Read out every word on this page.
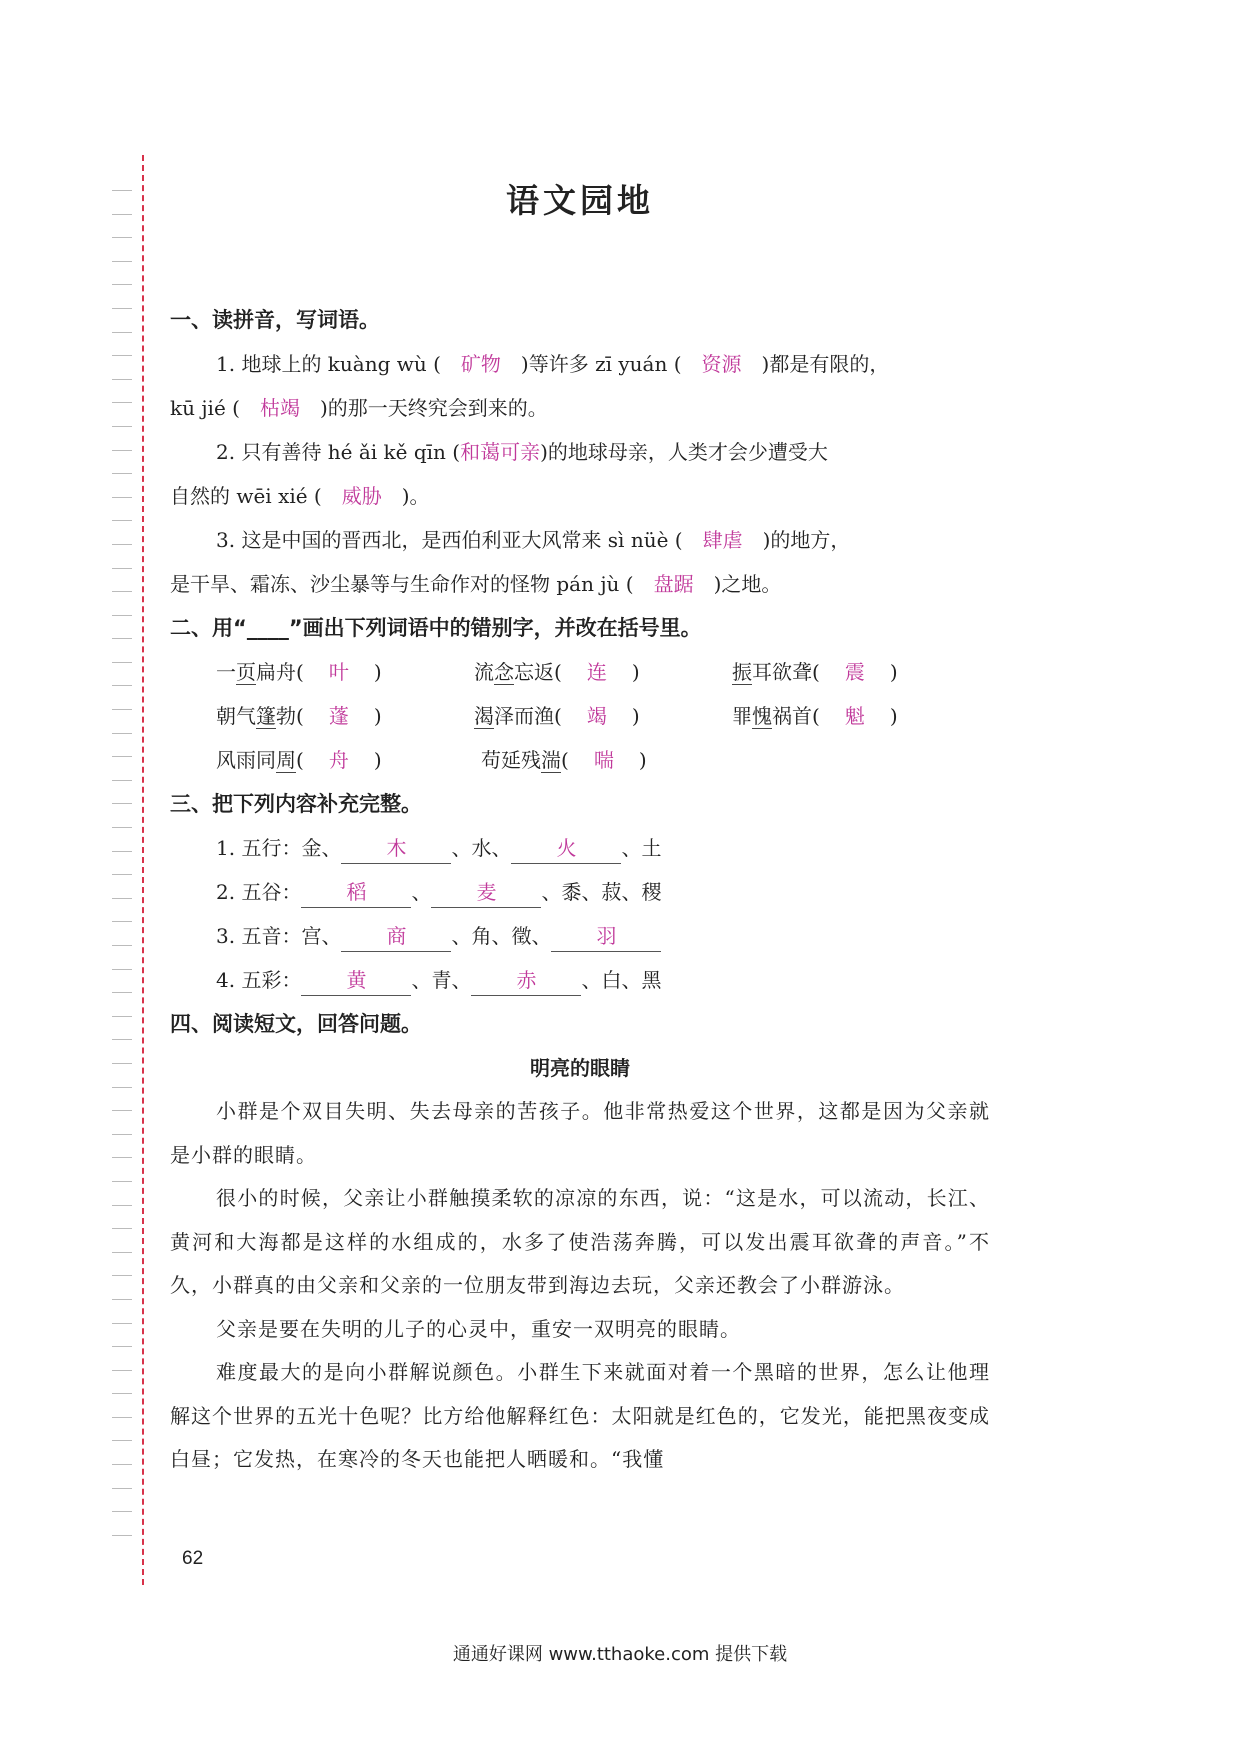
语文园地
一、读拼音，写词语。
1. 地球上的 kuàng wù ( 矿物 )等许多 zī yuán ( 资源 )都是有限的，
kū jié ( 枯竭 )的那一天终究会到来的。
2. 只有善待 hé ǎi kě qīn (和蔼可亲)的地球母亲，人类才会少遭受大
自然的 wēi xié ( 威胁 )。
3. 这是中国的晋西北，是西伯利亚大风常来 sì nüè ( 肆虐 )的地方，
是干旱、霜冻、沙尘暴等与生命作对的怪物 pán jù ( 盘踞 )之地。
二、用“____”画出下列词语中的错别字，并改在括号里。
一页扁舟( 叶 )	流念忘返( 连 )	振耳欲聋( 震 )
朝气篷勃( 蓬 )	渴泽而渔( 竭 )	罪愧祸首( 魁 )
风雨同周( 舟 )	苟延残湍( 喘 )
三、把下列内容补充完整。
1. 五行：金、 木 、水、 火 、土
2. 五谷： 稻 、 麦 、黍、菽、稷
3. 五音：宫、 商 、角、徵、 羽
4. 五彩： 黄 、青、 赤 、白、黑
四、阅读短文，回答问题。
明亮的眼睛

小群是个双目失明、失去母亲的苦孩子。他非常热爱这个世界，这都是因为父亲就是小群的眼睛。

很小的时候，父亲让小群触摸柔软的凉凉的东西，说：“这是水，可以流动，长江、黄河和大海都是这样的水组成的，水多了使浩荡奔腾，可以发出震耳欲聋的声音。”不久，小群真的由父亲和父亲的一位朋友带到海边去玩，父亲还教会了小群游泳。

父亲是要在失明的儿子的心灵中，重安一双明亮的眼睛。

难度最大的是向小群解说颜色。小群生下来就面对着一个黑暗的世界，怎么让他理解这个世界的五光十色呢？比方给他解释红色：太阳就是红色的，它发光，能把黑夜变成白昼；它发热，在寒冷的冬天也能把人晒暖和。“我懂

62
通通好课网 www.tthaoke.com 提供下载
